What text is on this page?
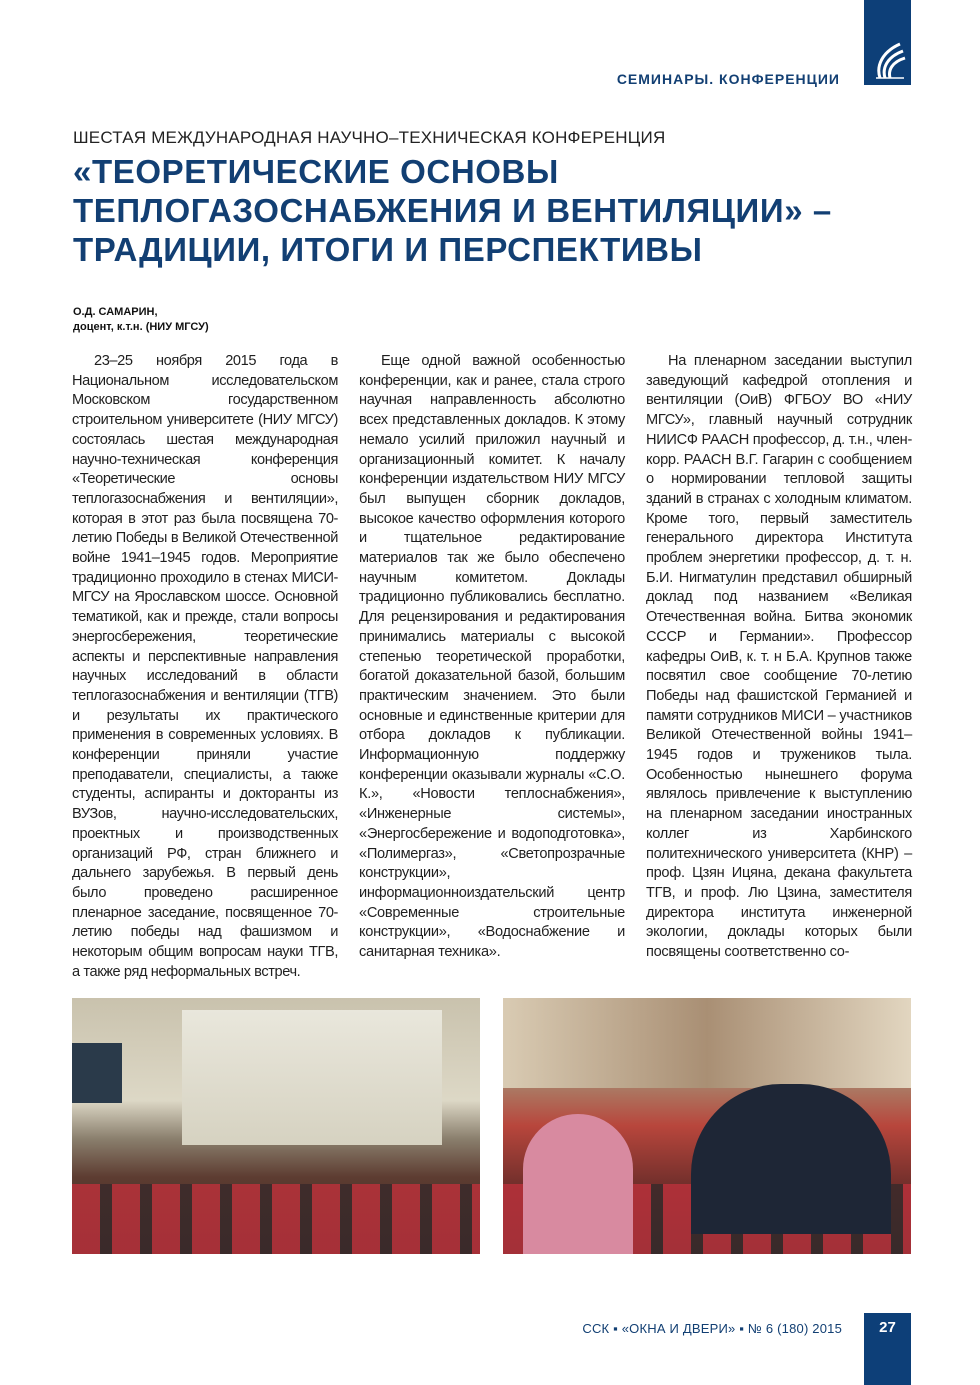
СЕМИНАРЫ. КОНФЕРЕНЦИИ
ШЕСТАЯ МЕЖДУНАРОДНАЯ НАУЧНО–ТЕХНИЧЕСКАЯ КОНФЕРЕНЦИЯ
«ТЕОРЕТИЧЕСКИЕ ОСНОВЫ
ТЕПЛОГАЗОСНАБЖЕНИЯ И ВЕНТИЛЯЦИИ» –
ТРАДИЦИИ, ИТОГИ И ПЕРСПЕКТИВЫ
О.Д. САМАРИН,
доцент, к.т.н. (НИУ МГСУ)

23–25 ноября 2015 года в Национальном исследовательском Московском государственном строительном университете (НИУ МГСУ) состоялась шестая международная научно-техническая конференция «Теоретические основы теплогазоснабжения и вентиляции», которая в этот раз была посвящена 70-летию Победы в Великой Отечественной войне 1941–1945 годов. Мероприятие традиционно проходило в стенах МИСИ-МГСУ на Ярославском шоссе. Основной тематикой, как и прежде, стали вопросы энергосбережения, теоретические аспекты и перспективные направления научных исследований в области теплогазоснабжения и вентиляции (ТГВ) и результаты их практического применения в современных условиях. В конференции приняли участие преподаватели, специалисты, а также студенты, аспиранты и докторанты из ВУЗов, научно-исследовательских, проектных и производственных организаций РФ, стран ближнего и дальнего зарубежья. В первый день было проведено расширенное пленарное заседание, посвященное 70-летию победы над фашизмом и некоторым общим вопросам науки ТГВ, а также ряд неформальных встреч.

Еще одной важной особенностью конференции, как и ранее, стала строго научная направленность абсолютно всех представленных докладов. К этому немало усилий приложил научный и организационный комитет. К началу конференции издательством НИУ МГСУ был выпущен сборник докладов, высокое качество оформления которого и тщательное редактирование материалов так же было обеспечено научным комитетом. Доклады традиционно публиковались бесплатно. Для рецензирования и редактирования принимались материалы с высокой степенью теоретической проработки, богатой доказательной базой, большим практическим значением. Это были основные и единственные критерии для отбора докладов к публикации. Информационную поддержку конференции оказывали журналы «С.О. К.», «Новости теплоснабжения», «Инженерные системы», «Энергосбережение и водоподготовка», «Полимергаз», «Светопрозрачные конструкции», информационноиздательский центр «Современные строительные конструкции», «Водоснабжение и санитарная техника».

На пленарном заседании выступил заведующий кафедрой отопления и вентиляции (ОиВ) ФГБОУ ВО «НИУ МГСУ», главный научный сотрудник НИИСФ РААСН профессор, д. т.н., член-корр. РААСН В.Г. Гагарин с сообщением о нормировании тепловой защиты зданий в странах с холодным климатом. Кроме того, первый заместитель генерального директора Института проблем энергетики профессор, д. т. н. Б.И. Нигматулин представил обширный доклад под названием «Великая Отечественная война. Битва экономик СССР и Германии». Профессор кафедры ОиВ, к. т. н Б.А. Крупнов также посвятил свое сообщение 70-летию Победы над фашистской Германией и памяти сотрудников МИСИ – участников Великой Отечественной войны 1941–1945 годов и тружеников тыла. Особенностью нынешнего форума являлось привлечение к выступлению на пленарном заседании иностранных коллег из Харбинского политехнического университета (КНР) – проф. Цзян Ицяна, декана факультета ТГВ, и проф. Лю Цзина, заместителя директора института инженерной экологии, доклады которых были посвящены соответственно со-

ССК ▪ «ОКНА И ДВЕРИ» ▪ № 6 (180) 2015	27
